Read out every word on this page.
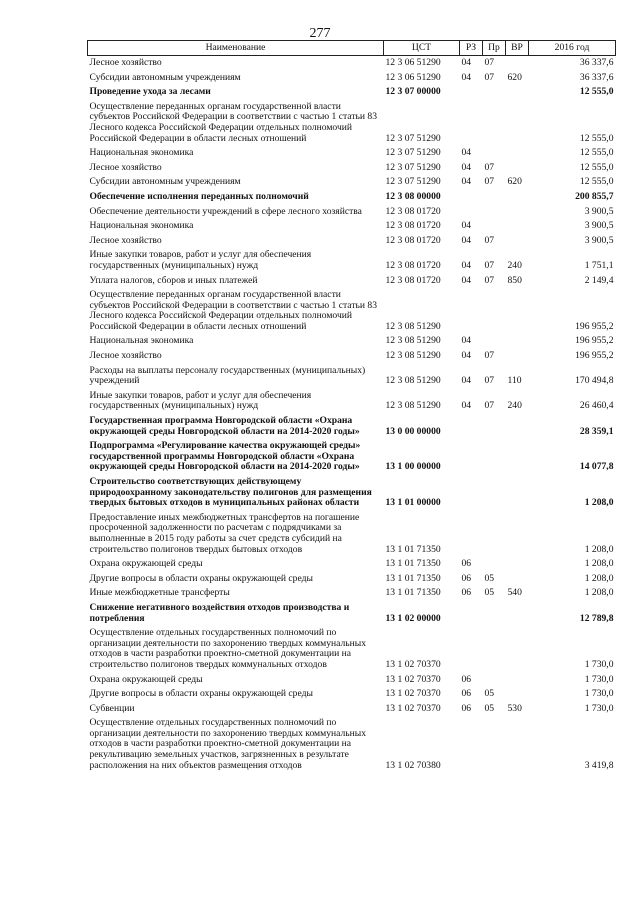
277
Наименование	ЦСТ	РЗ	Пр	ВР	2016 год
Лесное хозяйство	12 3 06 51290	04	07		36 337,6
Субсидии автономным учреждениям	12 3 06 51290	04	07	620	36 337,6
Проведение ухода за лесами	12 3 07 00000				12 555,0
Осуществление переданных органам государственной власти субъектов Российской Федерации в соответствии с частью 1 статьи 83 Лесного кодекса Российской Федерации отдельных полномочий Российской Федерации в области лесных отношений	12 3 07 51290				12 555,0
Национальная экономика	12 3 07 51290	04			12 555,0
Лесное хозяйство	12 3 07 51290	04	07		12 555,0
Субсидии автономным учреждениям	12 3 07 51290	04	07	620	12 555,0
Обеспечение исполнения переданных полномочий	12 3 08 00000				200 855,7
Обеспечение деятельности учреждений в сфере лесного хозяйства	12 3 08 01720				3 900,5
Национальная экономика	12 3 08 01720	04			3 900,5
Лесное хозяйство	12 3 08 01720	04	07		3 900,5
Иные закупки товаров, работ и услуг для обеспечения государственных (муниципальных) нужд	12 3 08 01720	04	07	240	1 751,1
Уплата налогов, сборов и иных платежей	12 3 08 01720	04	07	850	2 149,4
Осуществление переданных органам государственной власти субъектов Российской Федерации в соответствии с частью 1 статьи 83 Лесного кодекса Российской Федерации отдельных полномочий Российской Федерации в области лесных отношений	12 3 08 51290				196 955,2
Национальная экономика	12 3 08 51290	04			196 955,2
Лесное хозяйство	12 3 08 51290	04	07		196 955,2
Расходы на выплаты персоналу государственных (муниципальных) учреждений	12 3 08 51290	04	07	110	170 494,8
Иные закупки товаров, работ и услуг для обеспечения государственных (муниципальных) нужд	12 3 08 51290	04	07	240	26 460,4
Государственная программа Новгородской области «Охрана окружающей среды Новгородской области на 2014-2020 годы»	13 0 00 00000				28 359,1
Подпрограмма «Регулирование качества окружающей среды» государственной программы Новгородской области «Охрана окружающей среды Новгородской области на 2014-2020 годы»	13 1 00 00000				14 077,8
Строительство соответствующих действующему природоохранному законодательству полигонов для размещения твердых бытовых отходов в муниципальных районах области	13 1 01 00000				1 208,0
Предоставление иных межбюджетных трансфертов на погашение просроченной задолженности по расчетам с подрядчиками за выполненные в 2015 году работы за счет средств субсидий на строительство полигонов твердых бытовых отходов	13 1 01 71350				1 208,0
Охрана окружающей среды	13 1 01 71350	06			1 208,0
Другие вопросы в области охраны окружающей среды	13 1 01 71350	06	05		1 208,0
Иные межбюджетные трансферты	13 1 01 71350	06	05	540	1 208,0
Снижение негативного воздействия отходов производства и потребления	13 1 02 00000				12 789,8
Осуществление отдельных государственных полномочий по организации деятельности по захоронению твердых коммунальных отходов в части разработки проектно-сметной документации на строительство полигонов твердых коммунальных отходов	13 1 02 70370				1 730,0
Охрана окружающей среды	13 1 02 70370	06			1 730,0
Другие вопросы в области охраны окружающей среды	13 1 02 70370	06	05		1 730,0
Субвенции	13 1 02 70370	06	05	530	1 730,0
Осуществление отдельных государственных полномочий по организации деятельности по захоронению твердых коммунальных отходов в части разработки проектно-сметной документации на рекультивацию земельных участков, загрязненных в результате расположения на них объектов размещения отходов	13 1 02 70380				3 419,8
